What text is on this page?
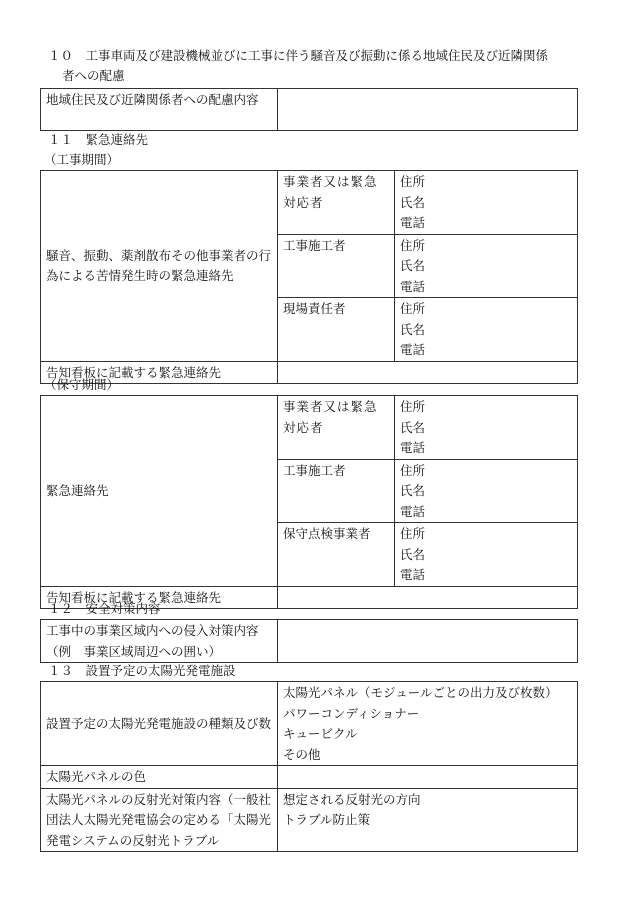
１０　工事車両及び建設機械並びに工事に伴う騒音及び振動に係る地域住民及び近隣関係
者への配慮
地域住民及び近隣関係者への配慮内容	
１１　緊急連絡先
（工事期間）
騒音、振動、薬剤散布その他事業者の行為による苦情発生時の緊急連絡先	事業者又は緊急対応者	住所
氏名
電話

	工事施工者	住所
氏名
電話

	現場責任者	住所
氏名
電話

告知看板に記載する緊急連絡先		
（保守期間）
緊急連絡先	事業者又は緊急対応者	住所
氏名
電話

	工事施工者	住所
氏名
電話

	保守点検事業者	住所
氏名
電話

告知看板に記載する緊急連絡先		
１２　安全対策内容
工事中の事業区域内への侵入対策内容（例　事業区域周辺への囲い）	
１３　設置予定の太陽光発電施設
設置予定の太陽光発電施設の種類及び数	太陽光パネル（モジュールごとの出力及び枚数）
パワーコンディショナー
キュービクル
その他

太陽光パネルの色	
太陽光パネルの反射光対策内容（一般社団法人太陽光発電協会の定める「太陽光発電システムの反射光トラブル	想定される反射光の方向
トラブル防止策
